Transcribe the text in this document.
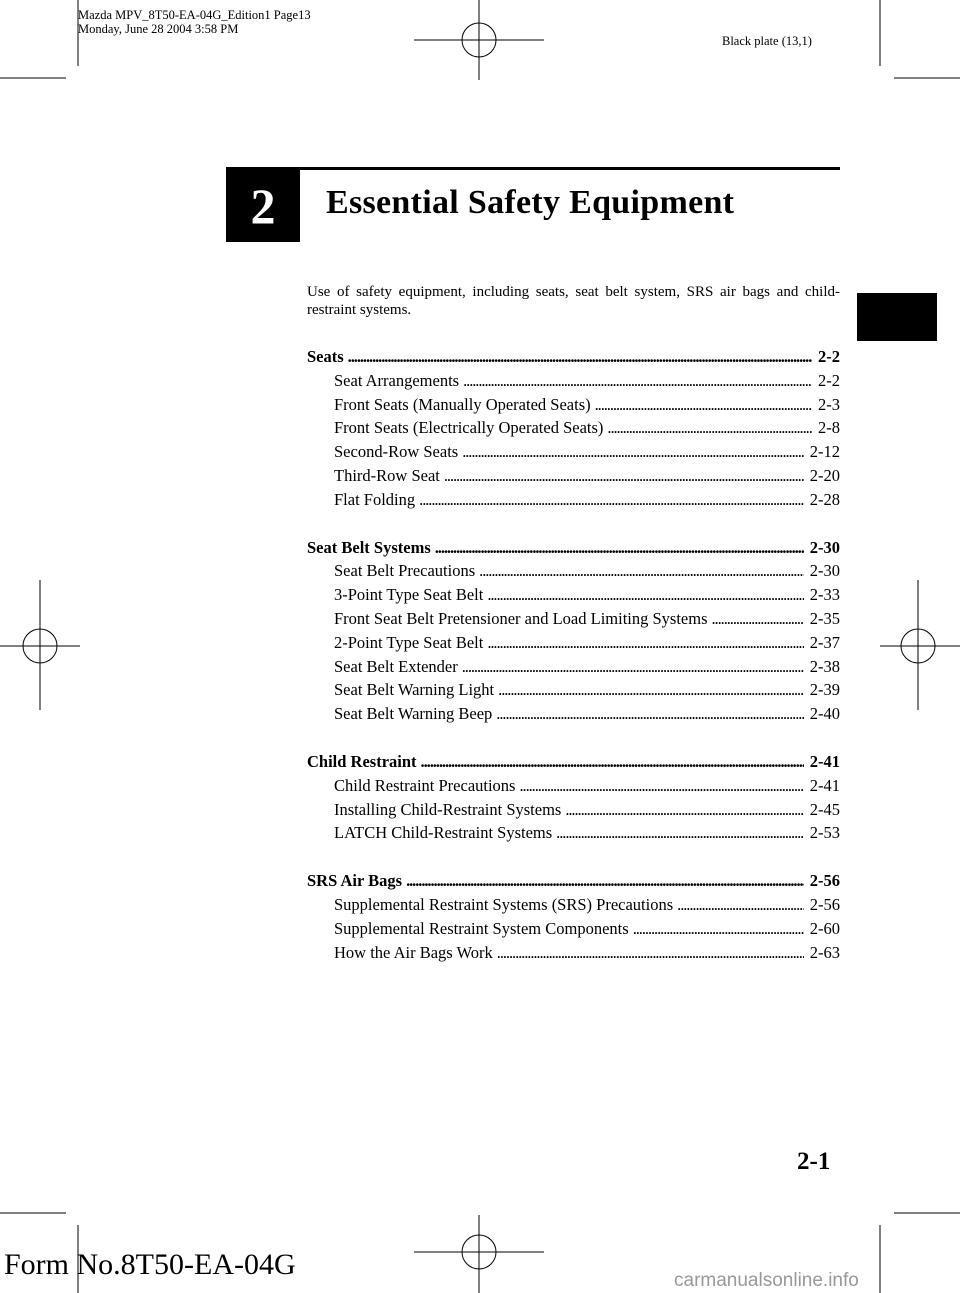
Mazda MPV_8T50-EA-04G_Edition1 Page13
Monday, June 28 2004 3:58 PM
Black plate (13,1)
2	Essential Safety Equipment
Use of safety equipment, including seats, seat belt system, SRS air bags and child-restraint systems.
Seats . . .	2-2
Seat Arrangements . . .	2-2
Front Seats (Manually Operated Seats) . . .	2-3
Front Seats (Electrically Operated Seats) . . .	2-8
Second-Row Seats . . .	2-12
Third-Row Seat . . .	2-20
Flat Folding . . .	2-28
Seat Belt Systems . . .	2-30
Seat Belt Precautions . . .	2-30
3-Point Type Seat Belt . . .	2-33
Front Seat Belt Pretensioner and Load Limiting Systems . . .	2-35
2-Point Type Seat Belt . . .	2-37
Seat Belt Extender . . .	2-38
Seat Belt Warning Light . . .	2-39
Seat Belt Warning Beep . . .	2-40
Child Restraint . . .	2-41
Child Restraint Precautions . . .	2-41
Installing Child-Restraint Systems . . .	2-45
LATCH Child-Restraint Systems . . .	2-53
SRS Air Bags . . .	2-56
Supplemental Restraint Systems (SRS) Precautions . . .	2-56
Supplemental Restraint System Components . . .	2-60
How the Air Bags Work . . .	2-63
2-1
Form No.8T50-EA-04G	carmanualsonline.info
